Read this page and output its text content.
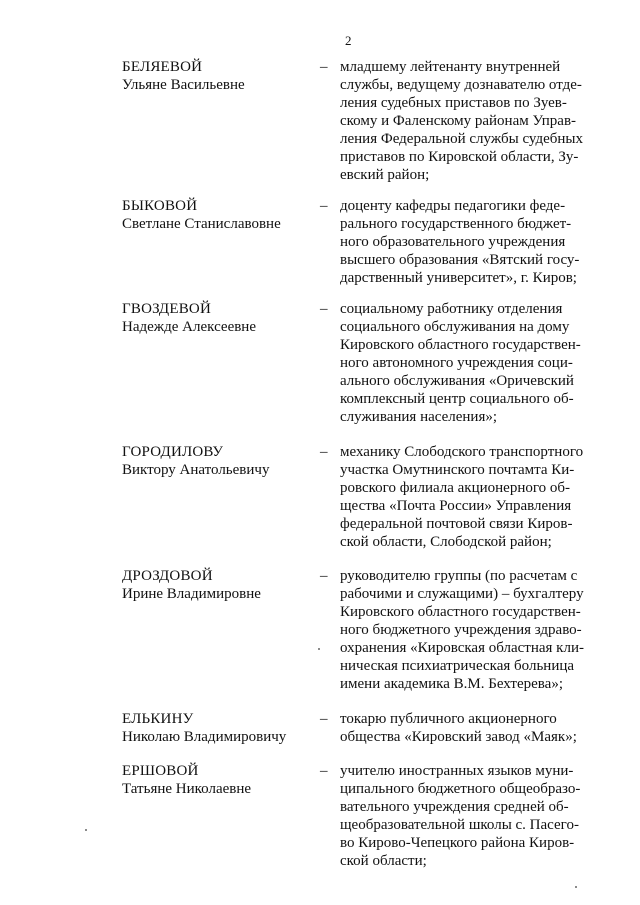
2
БЕЛЯЕВОЙ
Ульяне Васильевне
– младшему лейтенанту внутренней
службы, ведущему дознавателю отде-
ления судебных приставов по Зуев-
скому и Фаленскому районам Управ-
ления Федеральной службы судебных
приставов по Кировской области, Зу-
евский район;
БЫКОВОЙ
Светлане Станиславовне
– доценту кафедры педагогики феде-
рального государственного бюджет-
ного образовательного учреждения
высшего образования «Вятский госу-
дарственный университет», г. Киров;
ГВОЗДЕВОЙ
Надежде Алексеевне
– социальному работнику отделения
социального обслуживания на дому
Кировского областного государствен-
ного автономного учреждения соци-
ального обслуживания «Оричевский
комплексный центр социального об-
служивания населения»;
ГОРОДИЛОВУ
Виктору Анатольевичу
– механику Слободского транспортного
участка Омутнинского почтамта Ки-
ровского филиала акционерного об-
щества «Почта России» Управления
федеральной почтовой связи Киров-
ской области, Слободской район;
ДРОЗДОВОЙ
Ирине Владимировне
– руководителю группы (по расчетам с
рабочими и служащими) – бухгалтеру
Кировского областного государствен-
ного бюджетного учреждения здраво-
охранения «Кировская областная кли-
ническая психиатрическая больница
имени академика В.М. Бехтерева»;
ЕЛЬКИНУ
Николаю Владимировичу
– токарю публичного акционерного
общества «Кировский завод «Маяк»;
ЕРШОВОЙ
Татьяне Николаевне
– учителю иностранных языков муни-
ципального бюджетного общеобразо-
вательного учреждения средней об-
щеобразовательной школы с. Пасего-
во Кирово-Чепецкого района Киров-
ской области;
